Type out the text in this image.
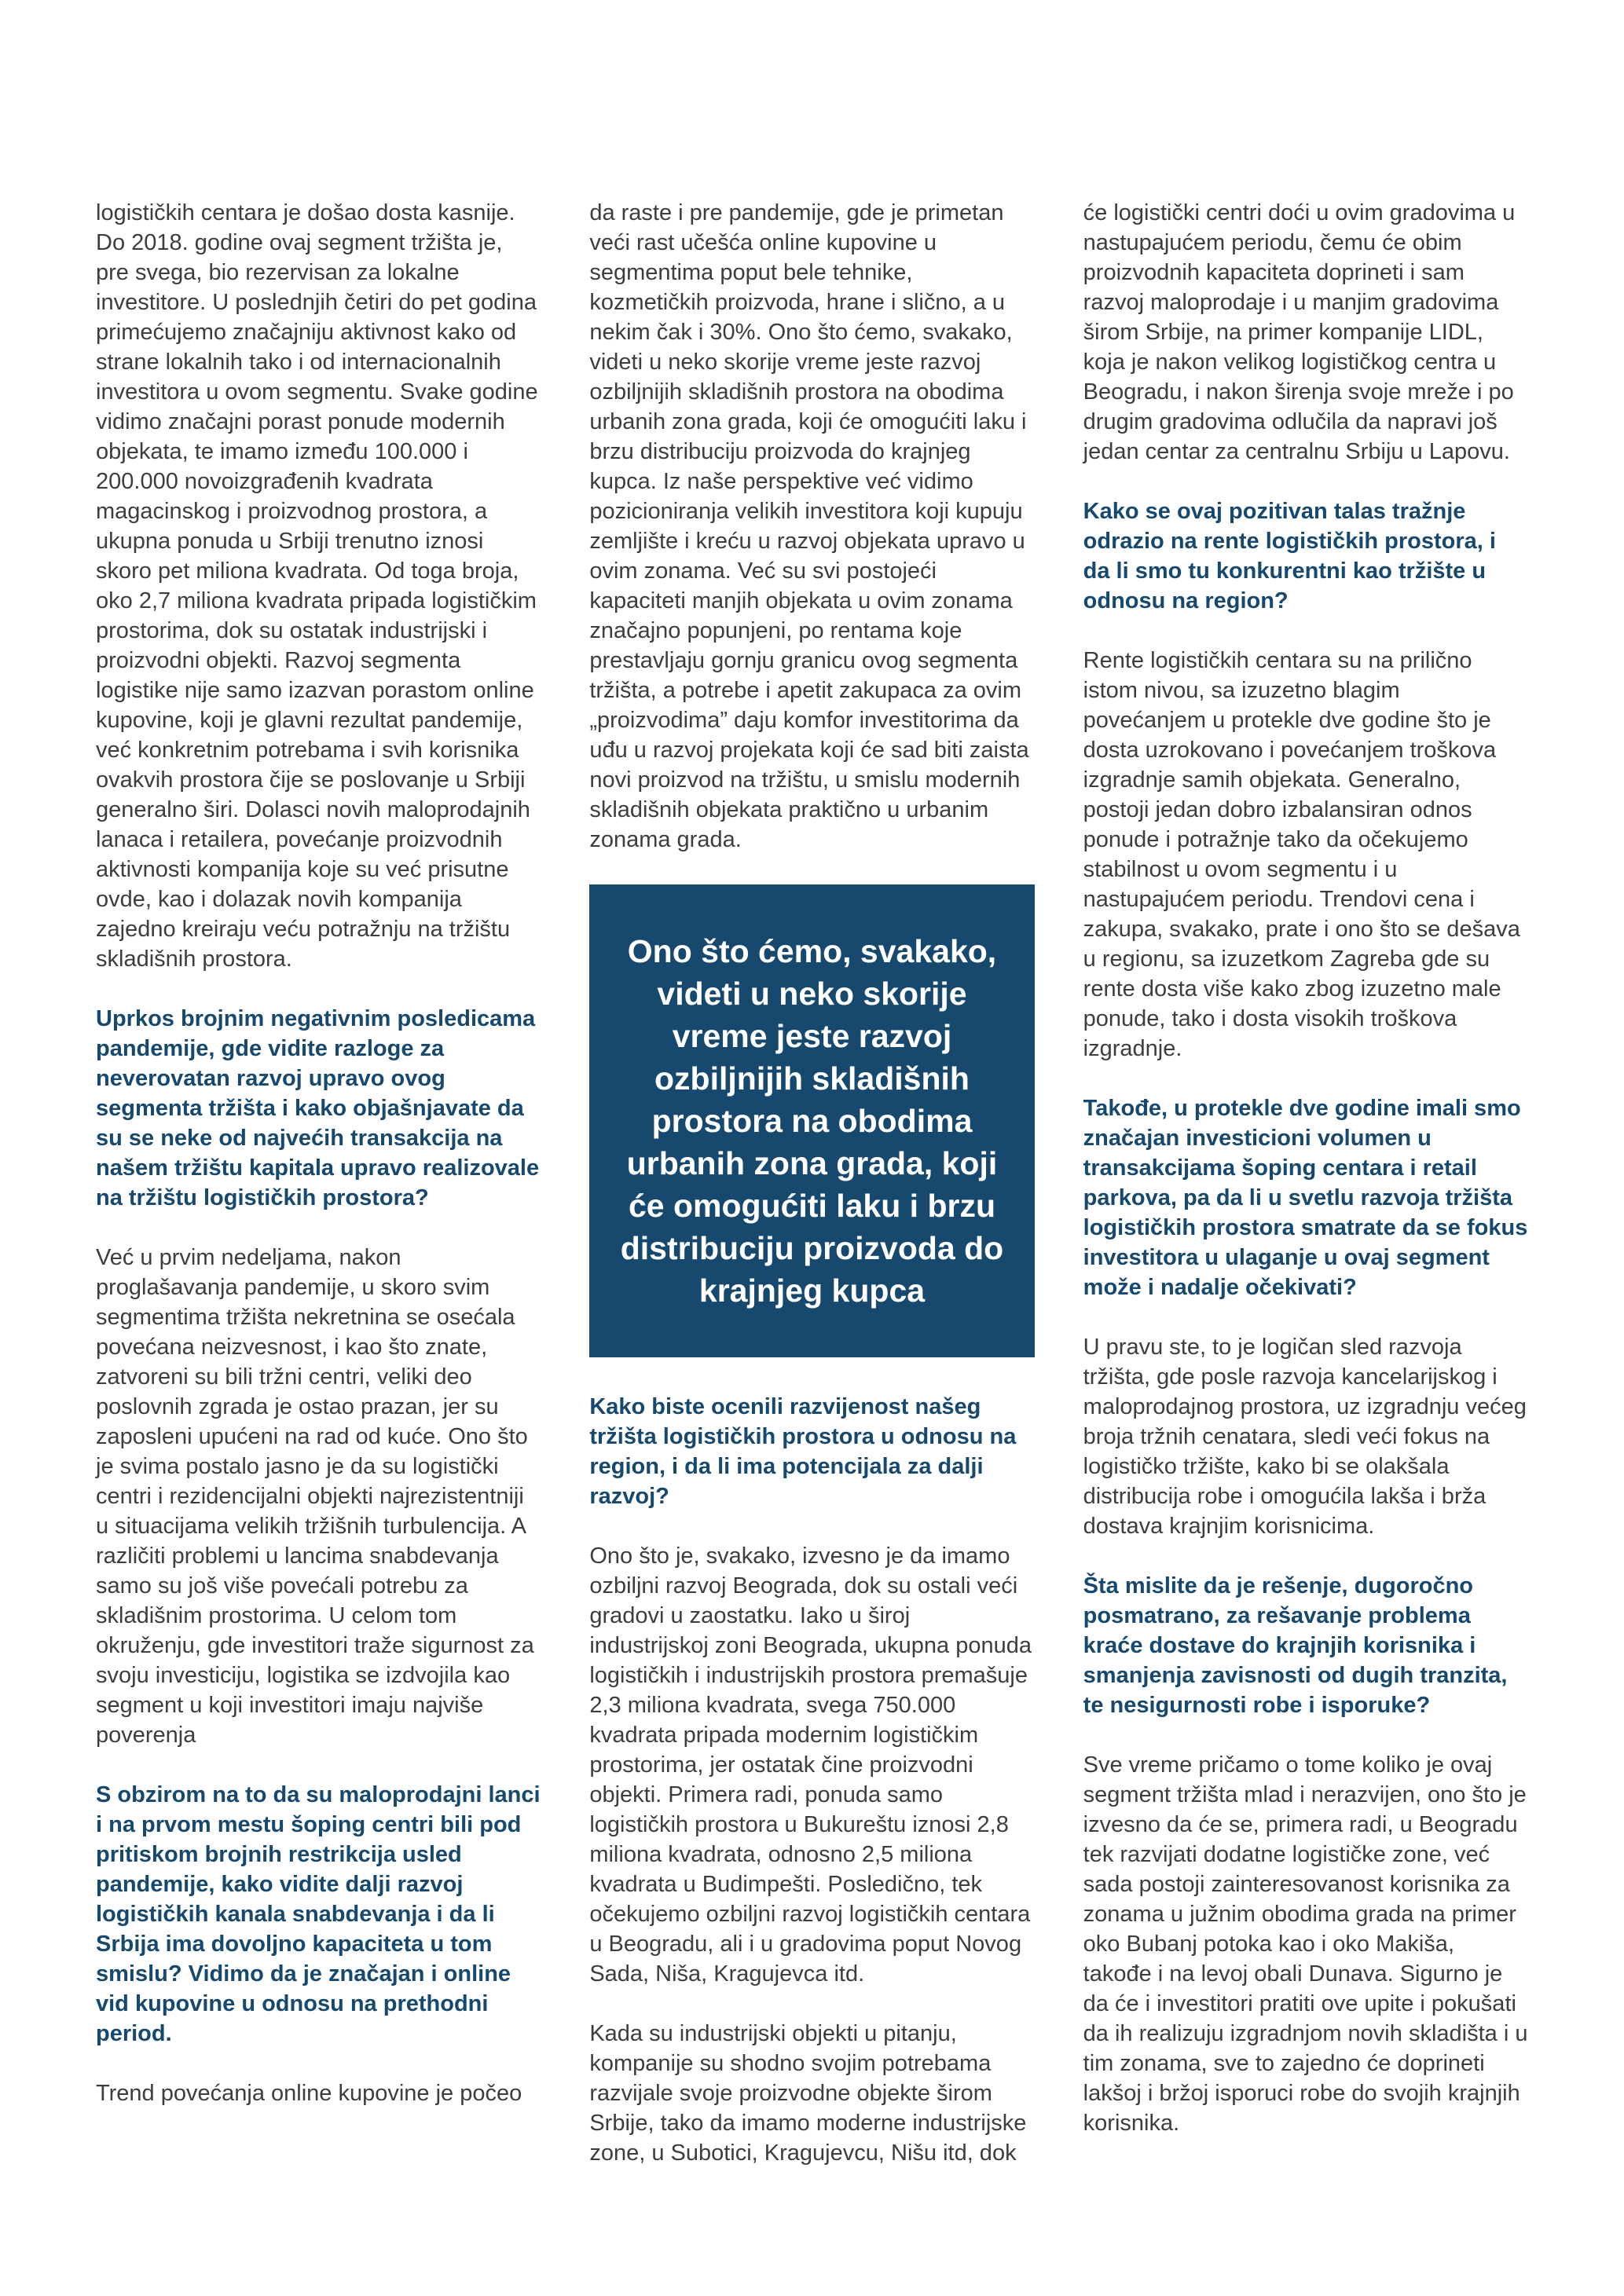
logističkih centara je došao dosta kasnije. Do 2018. godine ovaj segment tržišta je, pre svega, bio rezervisan za lokalne investitore. U poslednjih četiri do pet godina primećujemo značajniju aktivnost kako od strane lokalnih tako i od internacionalnih investitora u ovom segmentu. Svake godine vidimo značajni porast ponude modernih objekata, te imamo između 100.000 i 200.000 novoizgrađenih kvadrata magacinskog i proizvodnog prostora, a ukupna ponuda u Srbiji trenutno iznosi skoro pet miliona kvadrata. Od toga broja, oko 2,7 miliona kvadrata pripada logističkim prostorima, dok su ostatak industrijski i proizvodni objekti. Razvoj segmenta logistike nije samo izazvan porastom online kupovine, koji je glavni rezultat pandemije, već konkretnim potrebama i svih korisnika ovakvih prostora čije se poslovanje u Srbiji generalno širi. Dolasci novih maloprodajnih lanaca i retailera, povećanje proizvodnih aktivnosti kompanija koje su već prisutne ovde, kao i dolazak novih kompanija zajedno kreiraju veću potražnju na tržištu skladišnih prostora.

Uprkos brojnim negativnim posledicama pandemije, gde vidite razloge za neverovatan razvoj upravo ovog segmenta tržišta i kako objašnjavate da su se neke od najvećih transakcija na našem tržištu kapitala upravo realizovale na tržištu logističkih prostora?

Već u prvim nedeljama, nakon proglašavanja pandemije, u skoro svim segmentima tržišta nekretnina se osećala povećana neizvesnost, i kao što znate, zatvoreni su bili tržni centri, veliki deo poslovnih zgrada je ostao prazan, jer su zaposleni upućeni na rad od kuće. Ono što je svima postalo jasno je da su logistički centri i rezidencijalni objekti najrezistentniji u situacijama velikih tržišnih turbulencija. A različiti problemi u lancima snabdevanja samo su još više povećali potrebu za skladišnim prostorima. U celom tom okruženju, gde investitori traže sigurnost za svoju investiciju, logistika se izdvojila kao segment u koji investitori imaju najviše poverenja

S obzirom na to da su maloprodajni lanci i na prvom mestu šoping centri bili pod pritiskom brojnih restrikcija usled pandemije, kako vidite dalji razvoj logističkih kanala snabdevanja i da li Srbija ima dovoljno kapaciteta u tom smislu? Vidimo da je značajan i online vid kupovine u odnosu na prethodni period.

Trend povećanja online kupovine je počeo

da raste i pre pandemije, gde je primetan veći rast učešća online kupovine u segmentima poput bele tehnike, kozmetičkih proizvoda, hrane i slično, a u nekim čak i 30%. Ono što ćemo, svakako, videti u neko skorije vreme jeste razvoj ozbiljnijih skladišnih prostora na obodima urbanih zona grada, koji će omogućiti laku i brzu distribuciju proizvoda do krajnjeg kupca. Iz naše perspektive već vidimo pozicioniranja velikih investitora koji kupuju zemljište i kreću u razvoj objekata upravo u ovim zonama. Već su svi postojeći kapaciteti manjih objekata u ovim zonama značajno popunjeni, po rentama koje prestavljaju gornju granicu ovog segmenta tržišta, a potrebe i apetit zakupaca za ovim „proizvodima” daju komfor investitorima da uđu u razvoj projekata koji će sad biti zaista novi proizvod na tržištu, u smislu modernih skladišnih objekata praktično u urbanim zonama grada.

Ono što ćemo, svakako, videti u neko skorije vreme jeste razvoj ozbiljnijih skladišnih prostora na obodima urbanih zona grada, koji će omogućiti laku i brzu distribuciju proizvoda do krajnjeg kupca
Kako biste ocenili razvijenost našeg tržišta logističkih prostora u odnosu na region, i da li ima potencijala za dalji razvoj?

Ono što je, svakako, izvesno je da imamo ozbiljni razvoj Beograda, dok su ostali veći gradovi u zaostatku. Iako u široj industrijskoj zoni Beograda, ukupna ponuda logističkih i industrijskih prostora premašuje 2,3 miliona kvadrata, svega 750.000 kvadrata pripada modernim logističkim prostorima, jer ostatak čine proizvodni objekti. Primera radi, ponuda samo logističkih prostora u Bukureštu iznosi 2,8 miliona kvadrata, odnosno 2,5 miliona kvadrata u Budimpešti. Posledično, tek očekujemo ozbiljni razvoj logističkih centara u Beogradu, ali i u gradovima poput Novog Sada, Niša, Kragujevca itd.

Kada su industrijski objekti u pitanju, kompanije su shodno svojim potrebama razvijale svoje proizvodne objekte širom Srbije, tako da imamo moderne industrijske zone, u Subotici, Kragujevcu, Nišu itd, dok

će logistički centri doći u ovim gradovima u nastupajućem periodu, čemu će obim proizvodnih kapaciteta doprineti i sam razvoj maloprodaje i u manjim gradovima širom Srbije, na primer kompanije LIDL, koja je nakon velikog logističkog centra u Beogradu, i nakon širenja svoje mreže i po drugim gradovima odlučila da napravi još jedan centar za centralnu Srbiju u Lapovu.

Kako se ovaj pozitivan talas tražnje odrazio na rente logističkih prostora, i da li smo tu konkurentni kao tržište u odnosu na region?

Rente logističkih centara su na prilično istom nivou, sa izuzetno blagim povećanjem u protekle dve godine što je dosta uzrokovano i povećanjem troškova izgradnje samih objekata. Generalno, postoji jedan dobro izbalansiran odnos ponude i potražnje tako da očekujemo stabilnost u ovom segmentu i u nastupajućem periodu. Trendovi cena i zakupa, svakako, prate i ono što se dešava u regionu, sa izuzetkom Zagreba gde su rente dosta više kako zbog izuzetno male ponude, tako i dosta visokih troškova izgradnje.

Takođe, u protekle dve godine imali smo značajan investicioni volumen u transakcijama šoping centara i retail parkova, pa da li u svetlu razvoja tržišta logističkih prostora smatrate da se fokus investitora u ulaganje u ovaj segment može i nadalje očekivati?

U pravu ste, to je logičan sled razvoja tržišta, gde posle razvoja kancelarijskog i maloprodajnog prostora, uz izgradnju većeg broja tržnih cenatara, sledi veći fokus na logističko tržište, kako bi se olakšala distribucija robe i omogućila lakša i brža dostava krajnjim korisnicima.

Šta mislite da je rešenje, dugoročno posmatrano, za rešavanje problema kraće dostave do krajnjih korisnika i smanjenja zavisnosti od dugih tranzita, te nesigurnosti robe i isporuke?

Sve vreme pričamo o tome koliko je ovaj segment tržišta mlad i nerazvijen, ono što je izvesno da će se, primera radi, u Beogradu tek razvijati dodatne logističke zone, već sada postoji zainteresovanost korisnika za zonama u južnim obodima grada na primer oko Bubanj potoka kao i oko Makiša, takođe i na levoj obali Dunava. Sigurno je da će i investitori pratiti ove upite i pokušati da ih realizuju izgradnjom novih skladišta i u tim zonama, sve to zajedno će doprineti lakšoj i bržoj isporuci robe do svojih krajnjih korisnika.
